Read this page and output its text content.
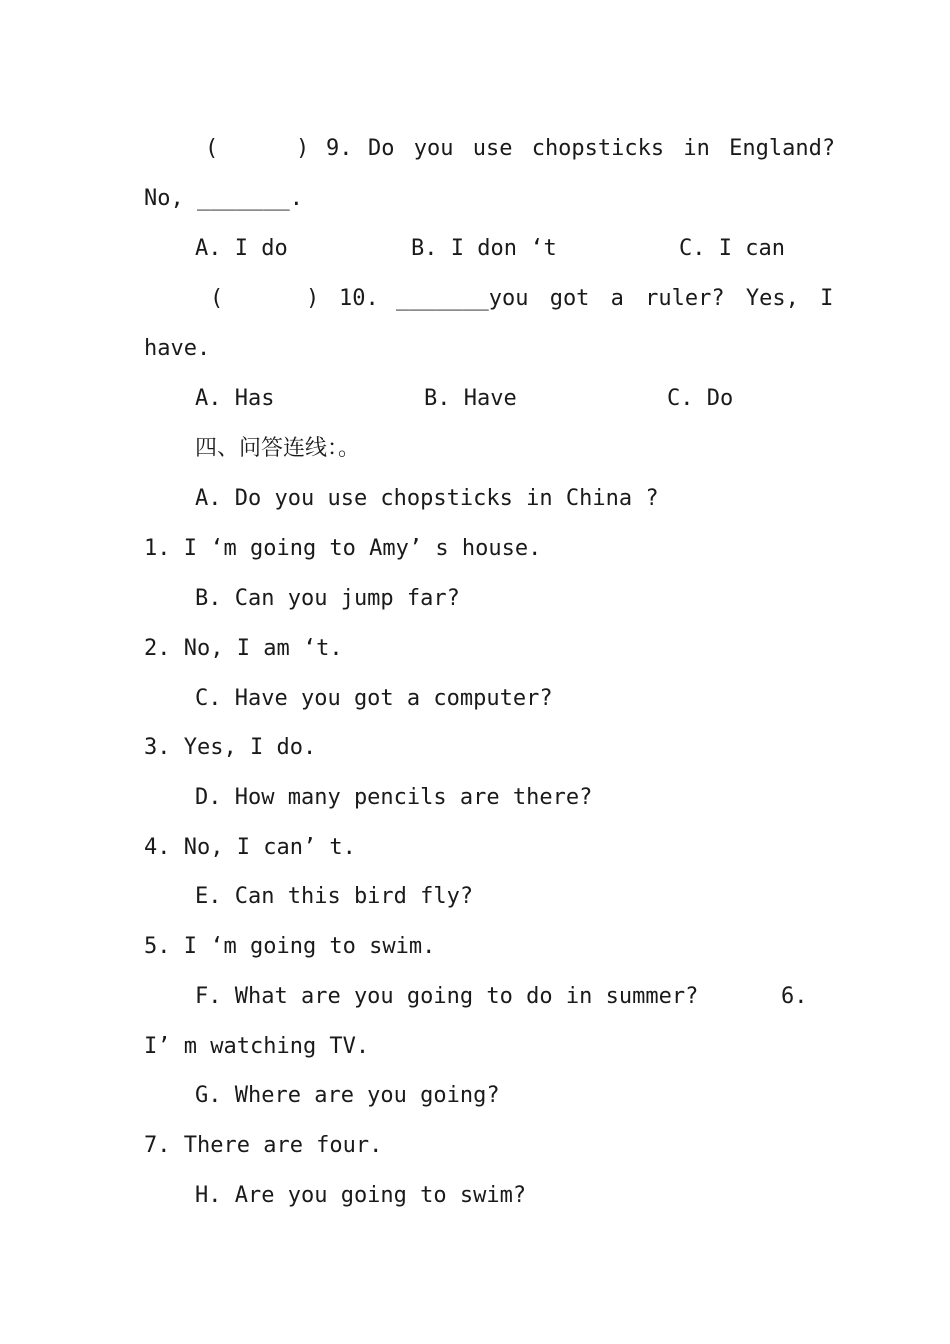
(	) 9. Do you use chopsticks in England?
No, _______.
A. I do	B. I don ‘t	C. I can
(	) 10. _______you got a ruler? Yes, I
have.
A. Has	B. Have	C. Do
四、问答连线：。
A. Do you use chopsticks in China ?
1. I ‘m going to Amy’ s house.
B. Can you jump far?
2. No, I am ‘t.
C. Have you got a computer?
3. Yes, I do.
D. How many pencils are there?
4. No, I can’ t.
E. Can this bird fly?
5. I ‘m going to swim.
F. What are you going to do in summer?	6.
I’ m watching TV.
G. Where are you going?
7. There are four.
H. Are you going to swim?
